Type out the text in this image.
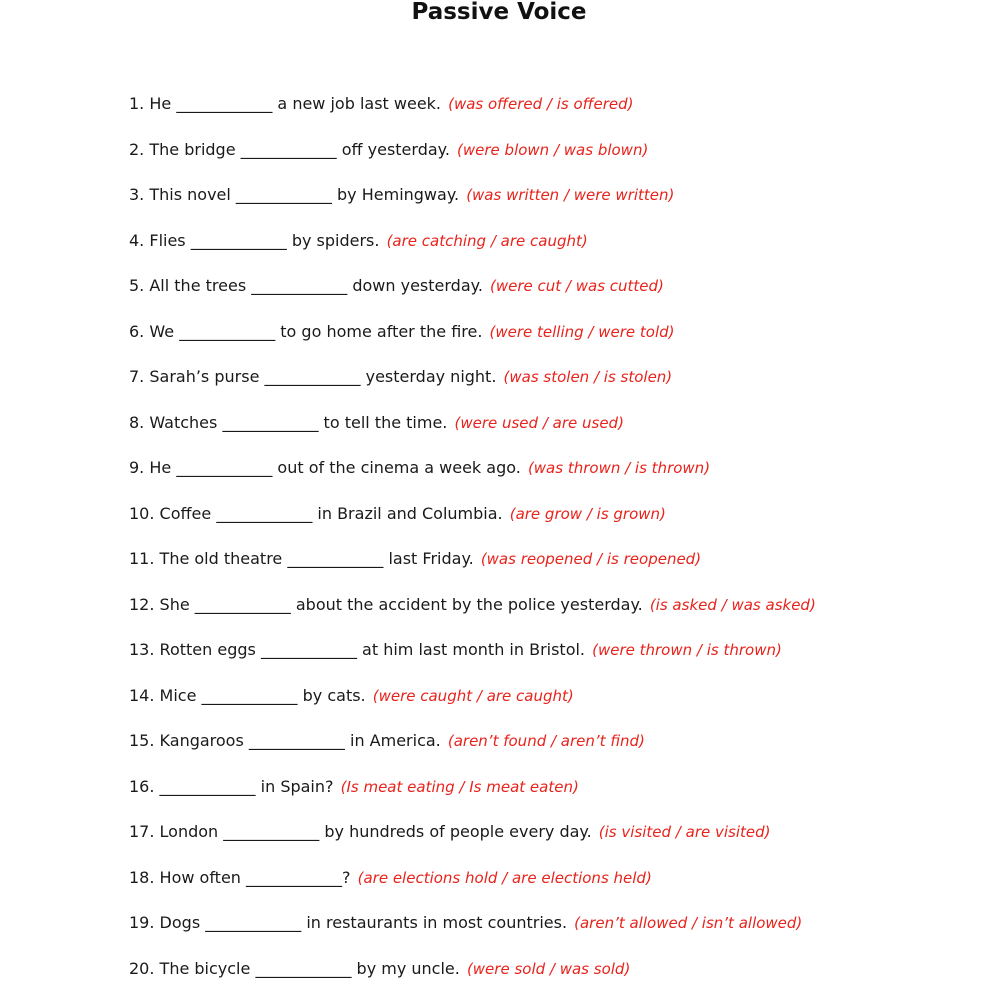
Passive Voice
1. He ____________ a new job last week. (was offered / is offered)
2. The bridge ____________ off yesterday. (were blown / was blown)
3. This novel ____________ by Hemingway. (was written / were written)
4. Flies ____________ by spiders. (are catching / are caught)
5. All the trees ____________ down yesterday. (were cut / was cutted)
6. We ____________ to go home after the fire. (were telling / were told)
7. Sarah’s purse ____________ yesterday night. (was stolen / is stolen)
8. Watches ____________ to tell the time. (were used / are used)
9. He ____________ out of the cinema a week ago. (was thrown / is thrown)
10. Coffee ____________ in Brazil and Columbia. (are grow / is grown)
11. The old theatre ____________ last Friday. (was reopened / is reopened)
12. She ____________ about the accident by the police yesterday. (is asked / was asked)
13. Rotten eggs ____________ at him last month in Bristol. (were thrown / is thrown)
14. Mice ____________ by cats. (were caught / are caught)
15. Kangaroos ____________ in America. (aren’t found / aren’t find)
16. ____________ in Spain? (Is meat eating / Is meat eaten)
17. London ____________ by hundreds of people every day. (is visited / are visited)
18. How often ____________? (are elections hold / are elections held)
19. Dogs ____________ in restaurants in most countries. (aren’t allowed / isn’t allowed)
20. The bicycle ____________ by my uncle. (were sold / was sold)
